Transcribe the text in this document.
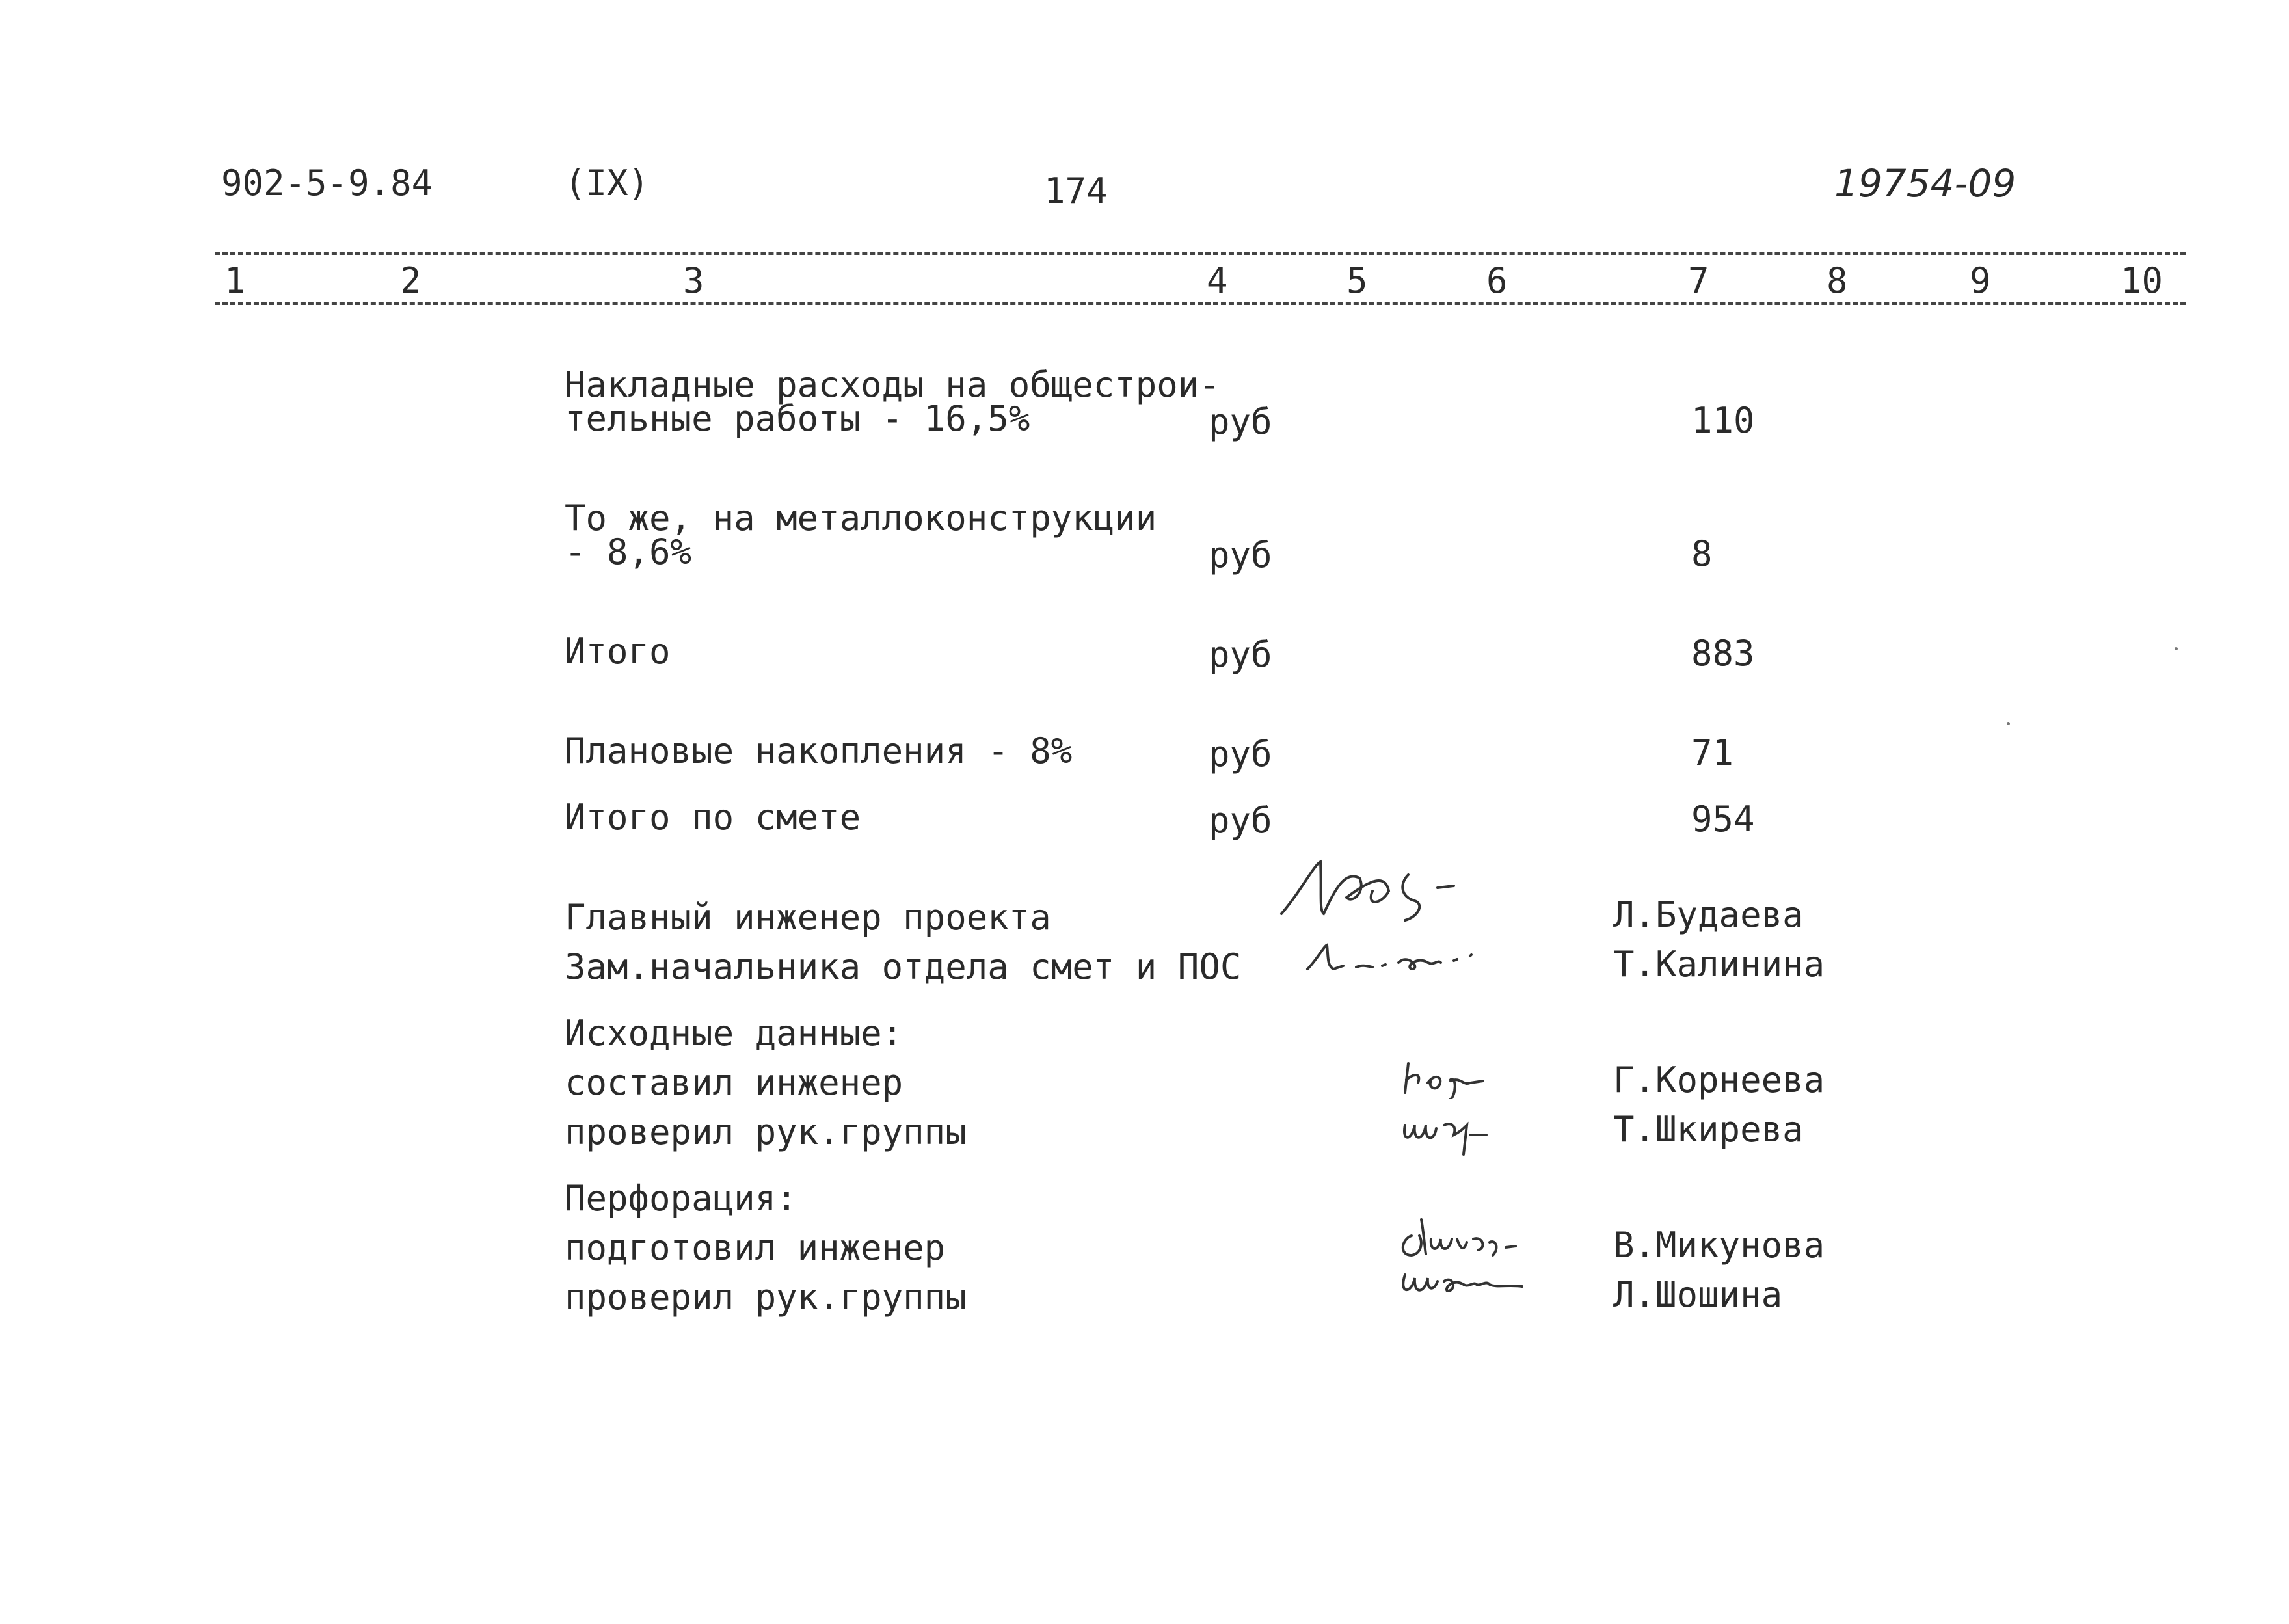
902-5-9.84	(IX)	174	19754-09
1	2	3	4	5	6	7	8	9	10
Накладные расходы на общестрои-
тельные работы - 16,5%	руб	110
То же, на металлоконструкции
- 8,6%	руб	8
Итого	руб	883
Плановые накопления - 8%	руб	71
Итого по смете	руб	954
Главный инженер проекта	Л.Будаева
Зам.начальника отдела смет и ПОС	Т.Калинина
Исходные данные:
составил инженер	Г.Корнеева
проверил рук.группы	Т.Шкирева
Перфорация:
подготовил инженер	В.Микунова
проверил рук.группы	Л.Шошина
